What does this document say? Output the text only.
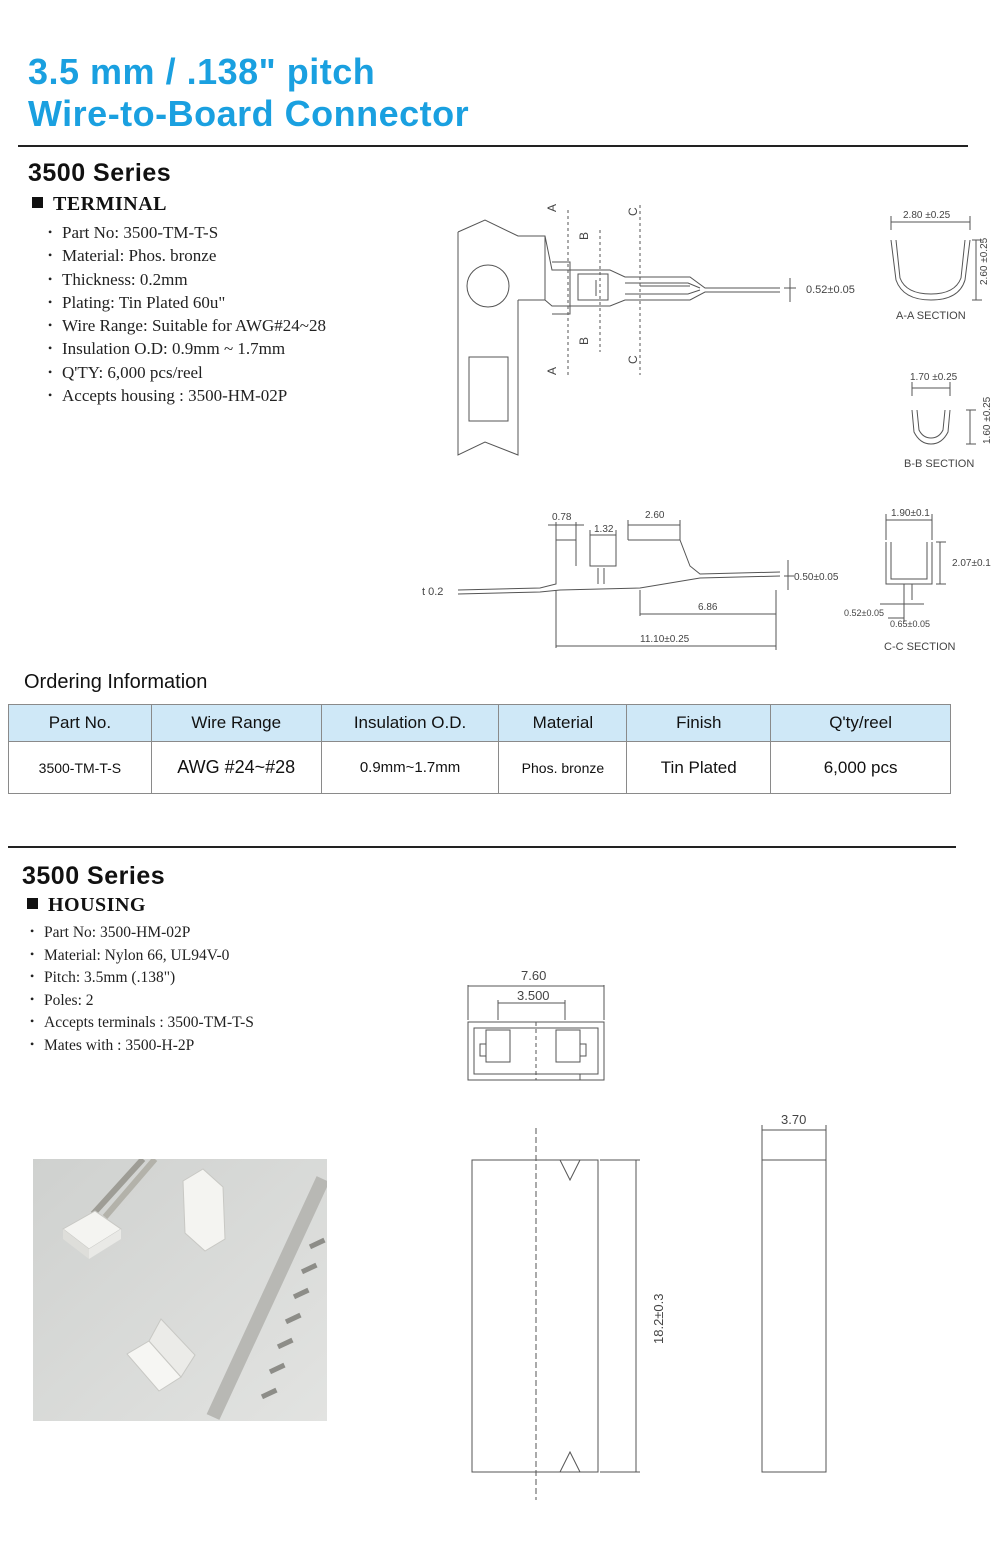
3.5 mm / .138" pitch
Wire-to-Board Connector
3500 Series
TERMINAL
• Part No: 3500-TM-T-S
• Material: Phos. bronze
• Thickness: 0.2mm
• Plating: Tin Plated 60u"
• Wire Range: Suitable for AWG#24~28
• Insulation O.D: 0.9mm ~ 1.7mm
• Q'TY: 6,000 pcs/reel
• Accepts housing : 3500-HM-02P
A
A
B
B
C
C
0.52±0.05
2.80 ±0.25
2.60 ±0.25
A-A SECTION
1.70 ±0.25
1.60 ±0.25
B-B SECTION
0.78
1.32
2.60
t 0.2
0.50±0.05
6.86
11.10±0.25
1.90±0.1
2.07±0.1
0.52±0.05
0.65±0.05
C-C SECTION
Ordering Information
Part No.	Wire Range	Insulation O.D.	Material	Finish	Q'ty/reel
3500-TM-T-S	AWG #24~#28	0.9mm~1.7mm	Phos. bronze	Tin Plated	6,000 pcs
3500 Series
HOUSING
• Part No: 3500-HM-02P
• Material: Nylon 66, UL94V-0
• Pitch: 3.5mm (.138")
• Poles: 2
• Accepts terminals : 3500-TM-T-S
• Mates with : 3500-H-2P
7.60
3.500
18.2±0.3
3.70
